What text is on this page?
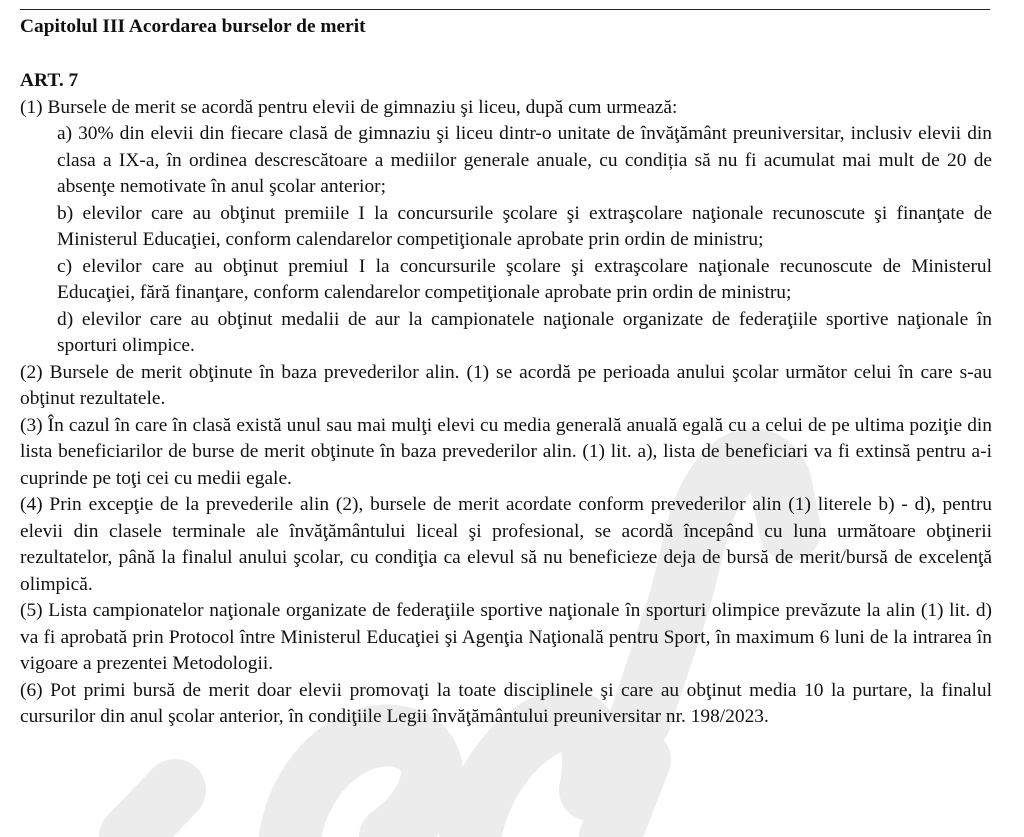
Capitolul III Acordarea burselor de merit

ART. 7

(1) Bursele de merit se acordă pentru elevii de gimnaziu şi liceu, după cum urmează:

a) 30% din elevii din fiecare clasă de gimnaziu şi liceu dintr-o unitate de învăţământ preuniversitar, inclusiv elevii din clasa a IX-a, în ordinea descrescătoare a mediilor generale anuale, cu condiția să nu fi acumulat mai mult de 20 de absenţe nemotivate în anul şcolar anterior;

b) elevilor care au obţinut premiile I la concursurile şcolare şi extraşcolare naţionale recunoscute şi finanţate de Ministerul Educaţiei, conform calendarelor competiţionale aprobate prin ordin de ministru;

c) elevilor care au obţinut premiul I la concursurile şcolare şi extraşcolare naţionale recunoscute de Ministerul Educaţiei, fără finanţare, conform calendarelor competiţionale aprobate prin ordin de ministru;

d) elevilor care au obţinut medalii de aur la campionatele naţionale organizate de federaţiile sportive naţionale în sporturi olimpice.

(2) Bursele de merit obţinute în baza prevederilor alin. (1) se acordă pe perioada anului şcolar următor celui în care s-au obţinut rezultatele.

(3) În cazul în care în clasă există unul sau mai mulţi elevi cu media generală anuală egală cu a celui de pe ultima poziţie din lista beneficiarilor de burse de merit obţinute în baza prevederilor alin. (1) lit. a), lista de beneficiari va fi extinsă pentru a-i cuprinde pe toţi cei cu medii egale.

(4) Prin excepţie de la prevederile alin (2), bursele de merit acordate conform prevederilor alin (1) literele b) - d), pentru elevii din clasele terminale ale învăţământului liceal şi profesional, se acordă începând cu luna următoare obţinerii rezultatelor, până la finalul anului şcolar, cu condiţia ca elevul să nu beneficieze deja de bursă de merit/bursă de excelenţă olimpică.

(5) Lista campionatelor naţionale organizate de federaţiile sportive naţionale în sporturi olimpice prevăzute la alin (1) lit. d) va fi aprobată prin Protocol între Ministerul Educaţiei şi Agenţia Naţională pentru Sport, în maximum 6 luni de la intrarea în vigoare a prezentei Metodologii.

(6) Pot primi bursă de merit doar elevii promovaţi la toate disciplinele şi care au obţinut media 10 la purtare, la finalul cursurilor din anul şcolar anterior, în condiţiile Legii învăţământului preuniversitar nr. 198/2023.
